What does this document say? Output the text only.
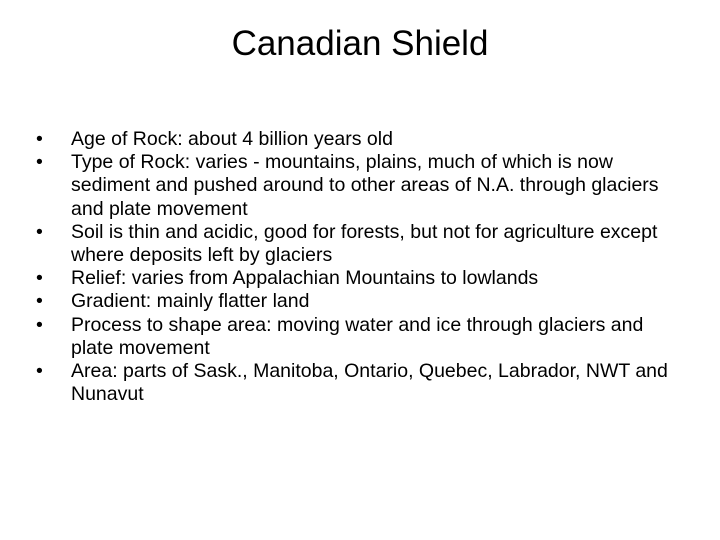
Canadian Shield
•	Age of Rock: about 4 billion years old
•	Type of Rock: varies - mountains, plains, much of which is now sediment and pushed around to other areas of N.A. through glaciers and plate movement
•	Soil is thin and acidic, good for forests, but not for agriculture except where deposits left by glaciers
•	Relief: varies from Appalachian Mountains to lowlands
•	Gradient: mainly flatter land
•	Process to shape area: moving water and ice through glaciers and plate movement
•	Area: parts of Sask., Manitoba, Ontario, Quebec, Labrador, NWT and Nunavut
